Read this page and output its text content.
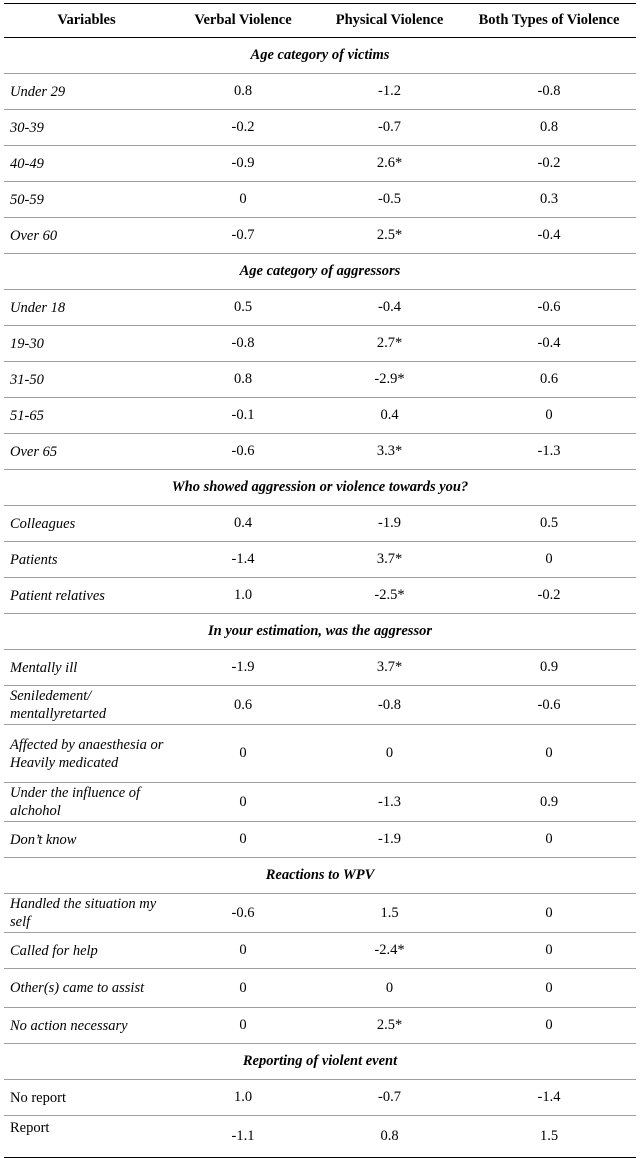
Variables	Verbal Violence	Physical Violence	Both Types of Violence
Age category of victims			
Under 29	0.8	-1.2	-0.8
30-39	-0.2	-0.7	0.8
40-49	-0.9	2.6*	-0.2
50-59	0	-0.5	0.3
Over 60	-0.7	2.5*	-0.4
Age category of aggressors			
Under 18	0.5	-0.4	-0.6
19-30	-0.8	2.7*	-0.4
31-50	0.8	-2.9*	0.6
51-65	-0.1	0.4	0
Over 65	-0.6	3.3*	-1.3
Who showed aggression or violence towards you?			
Colleagues	0.4	-1.9	0.5
Patients	-1.4	3.7*	0
Patient relatives	1.0	-2.5*	-0.2
In your estimation, was the aggressor			
Mentally ill	-1.9	3.7*	0.9
Seniledement/ mentallyretarted	0.6	-0.8	-0.6
Affected by anaesthesia or Heavily medicated	0	0	0
Under the influence of alchohol	0	-1.3	0.9
Don’t know	0	-1.9	0
Reactions to WPV			
Handled the situation my self	-0.6	1.5	0
Called for help	0	-2.4*	0
Other(s) came to assist	0	0	0
No action necessary	0	2.5*	0
Reporting of violent event			
No report	1.0	-0.7	-1.4
Report	-1.1	0.8	1.5
